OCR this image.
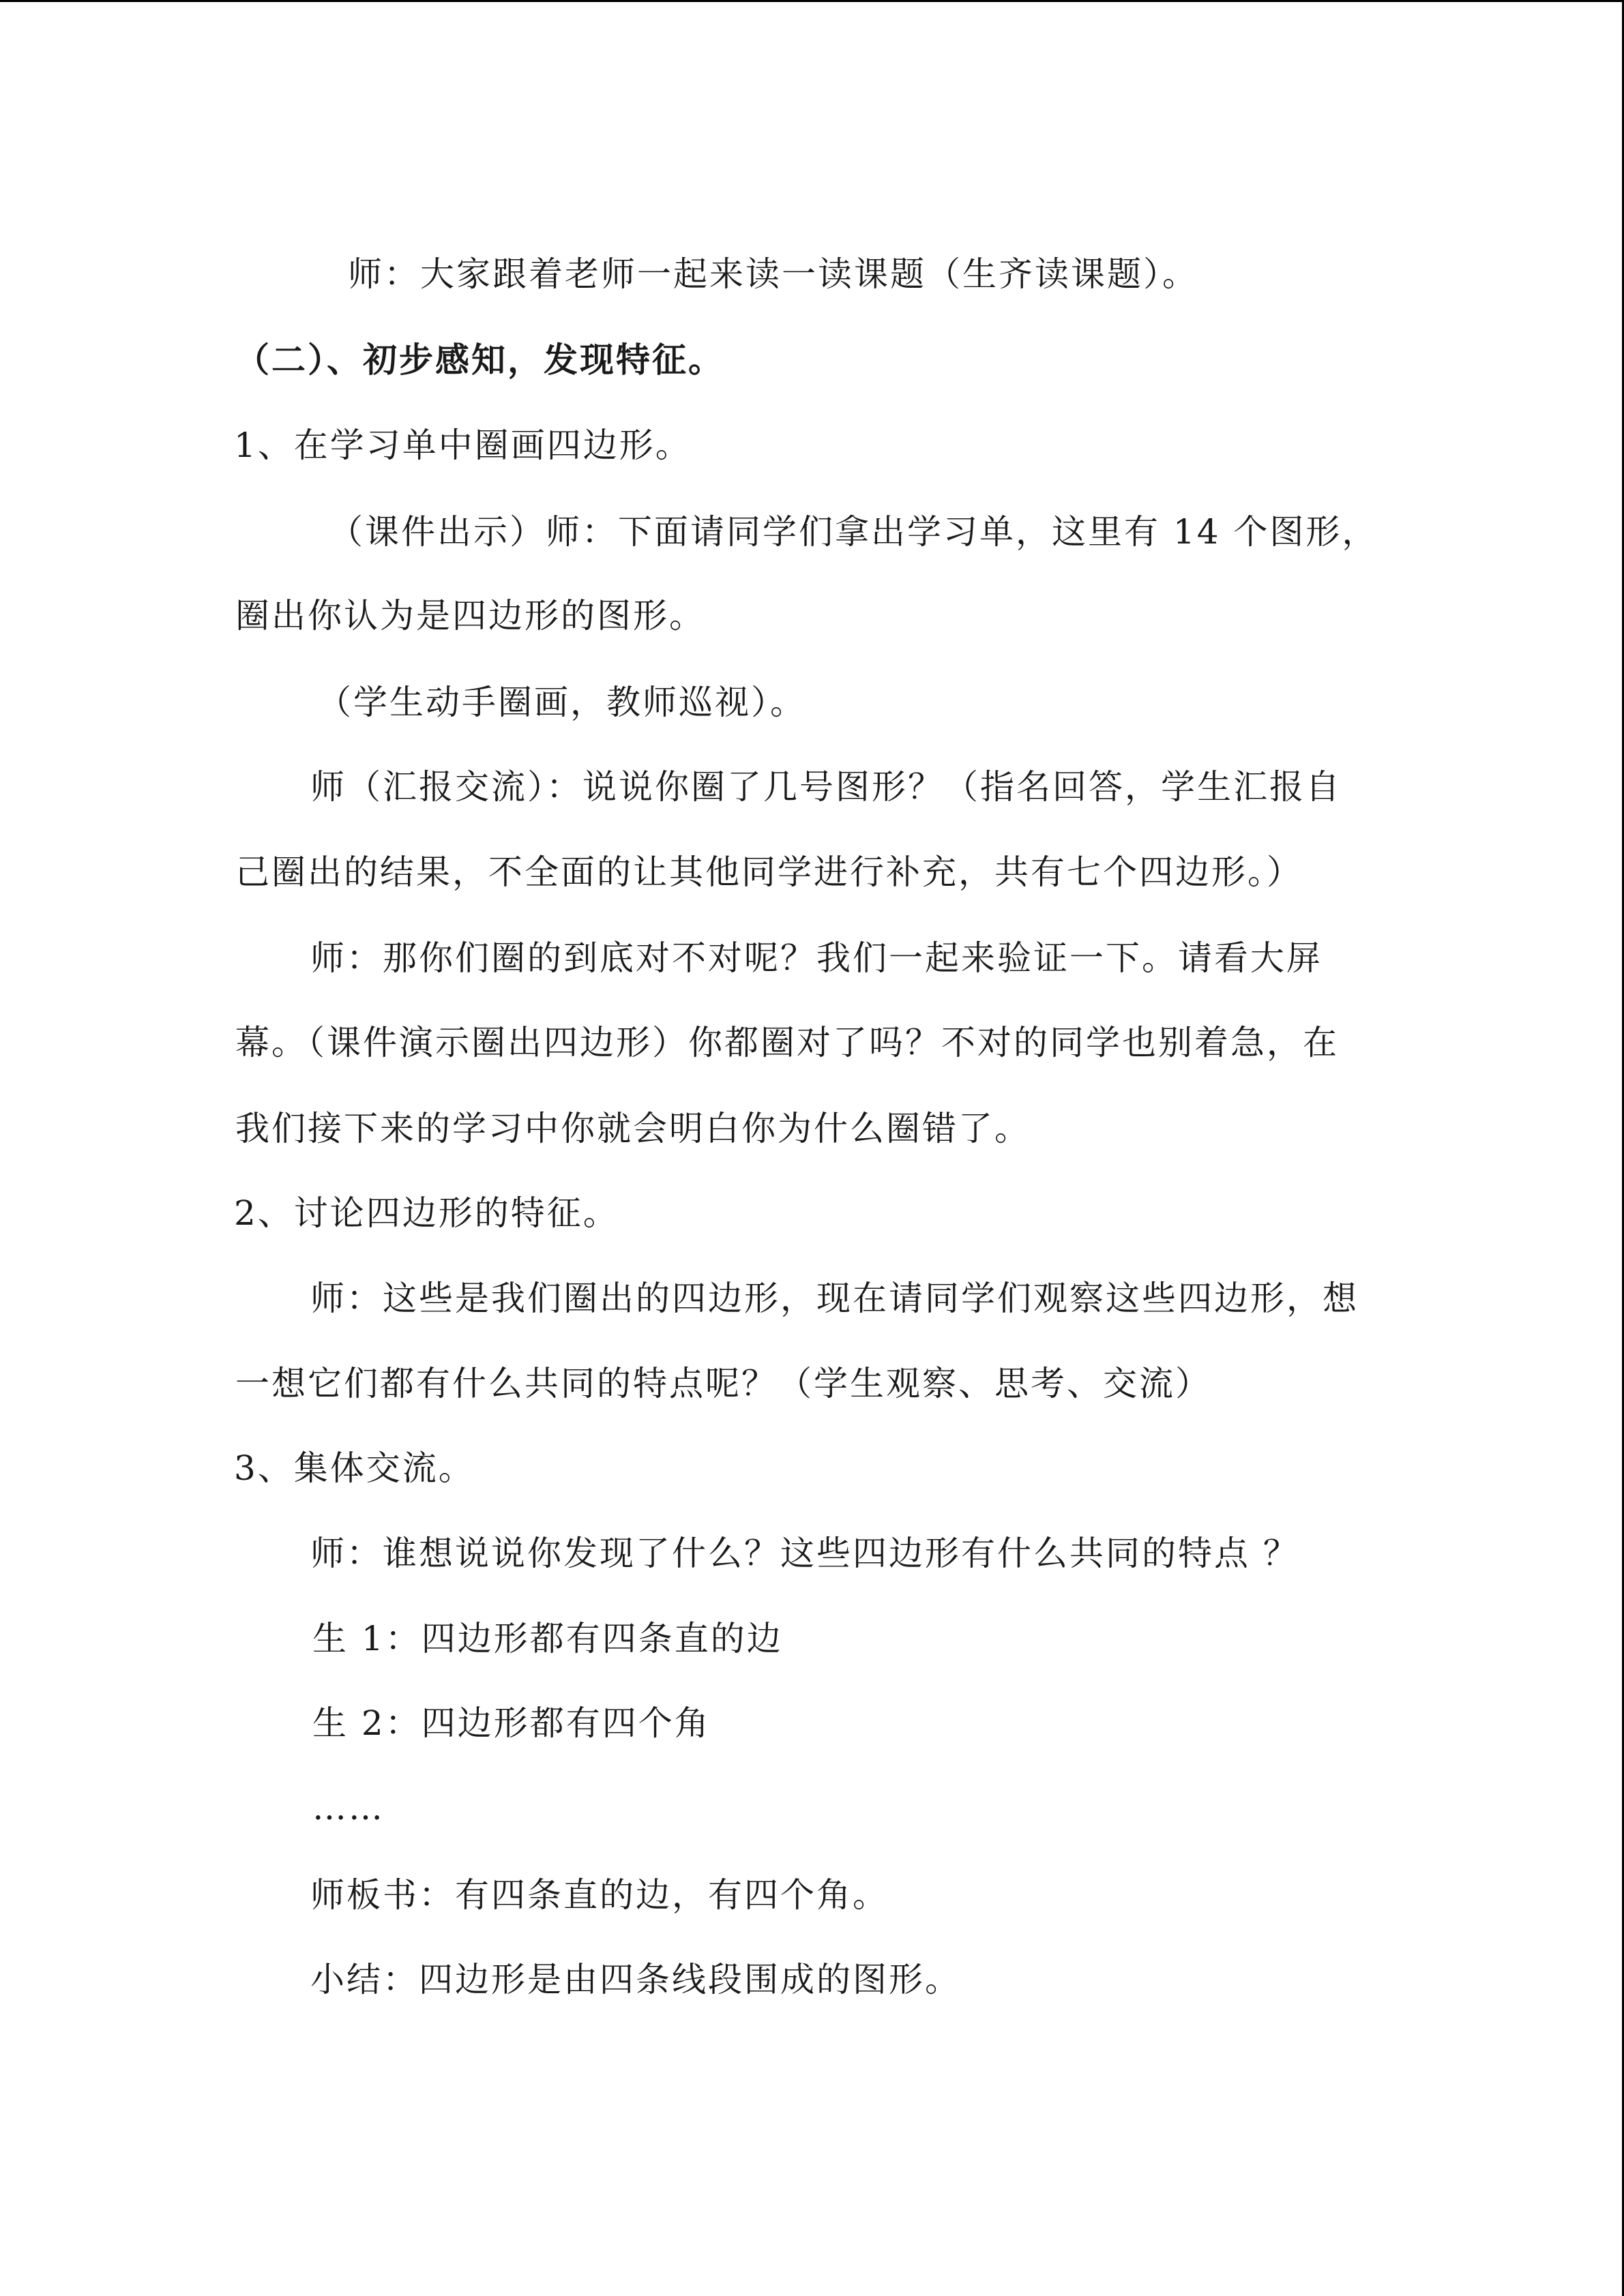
师：大家跟着老师一起来读一读课题（生齐读课题）。
（二）、初步感知，发现特征。
1、在学习单中圈画四边形。
（课件出示）师：下面请同学们拿出学习单，这里有 14 个图形，
圈出你认为是四边形的图形。
（学生动手圈画，教师巡视）。
师（汇报交流）：说说你圈了几号图形？（指名回答，学生汇报自
己圈出的结果，不全面的让其他同学进行补充，共有七个四边形。）
师：那你们圈的到底对不对呢？我们一起来验证一下。请看大屏
幕。（课件演示圈出四边形）你都圈对了吗？不对的同学也别着急，在
我们接下来的学习中你就会明白你为什么圈错了。
2、讨论四边形的特征。
师：这些是我们圈出的四边形，现在请同学们观察这些四边形，想
一想它们都有什么共同的特点呢？（学生观察、思考、交流）
3、集体交流。
师：谁想说说你发现了什么？这些四边形有什么共同的特点 ？
生 1：四边形都有四条直的边
生 2：四边形都有四个角
……
师板书：有四条直的边，有四个角。
小结：四边形是由四条线段围成的图形。
